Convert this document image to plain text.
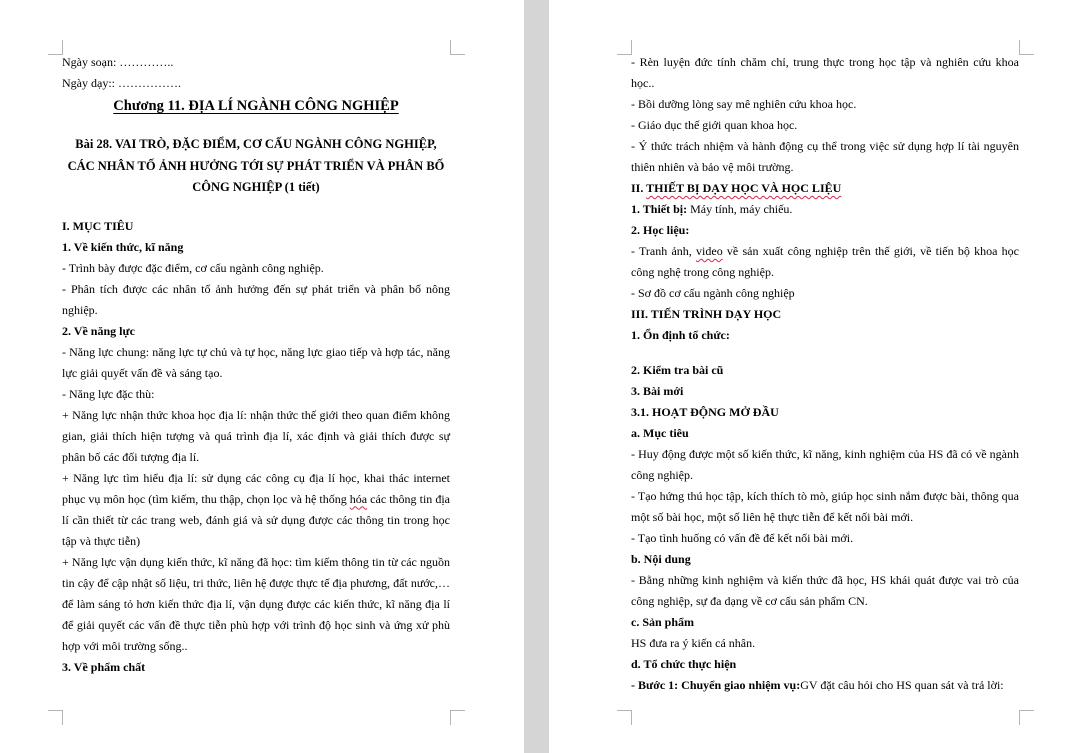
Ngày soạn: …………..

Ngày dạy:: …………….

Chương 11. ĐỊA LÍ NGÀNH CÔNG NGHIỆP

Bài 28. VAI TRÒ, ĐẶC ĐIỂM, CƠ CẤU NGÀNH CÔNG NGHIỆP, CÁC NHÂN TỐ ẢNH HƯỞNG TỚI SỰ PHÁT TRIỂN VÀ PHÂN BỐ CÔNG NGHIỆP (1 tiết)

I. MỤC TIÊU

1. Về kiến thức, kĩ năng

- Trình bày được đặc điểm, cơ cấu ngành công nghiệp.

- Phân tích được các nhân tố ảnh hưởng đến sự phát triển và phân bố nông nghiệp.

2. Về năng lực

- Năng lực chung: năng lực tự chủ và tự học, năng lực giao tiếp và hợp tác, năng lực giải quyết vấn đề và sáng tạo.

- Năng lực đặc thù:

+ Năng lực nhận thức khoa học địa lí: nhận thức thế giới theo quan điểm không gian, giải thích hiện tượng và quá trình địa lí, xác định và giải thích được sự phân bố các đối tượng địa lí.

+ Năng lực tìm hiểu địa lí: sử dụng các công cụ địa lí học, khai thác internet phục vụ môn học (tìm kiếm, thu thập, chọn lọc và hệ thống hóa các thông tin địa lí cần thiết từ các trang web, đánh giá và sử dụng được các thông tin trong học tập và thực tiễn)

+ Năng lực vận dụng kiến thức, kĩ năng đã học: tìm kiếm thông tin từ các nguồn tin cậy để cập nhật số liệu, tri thức, liên hệ được thực tế địa phương, đất nước,… để làm sáng tỏ hơn kiến thức địa lí, vận dụng được các kiến thức, kĩ năng địa lí để giải quyết các vấn đề thực tiễn phù hợp với trình độ học sinh và ứng xử phù hợp với môi trường sống..

3. Về phẩm chất

- Rèn luyện đức tính chăm chỉ, trung thực trong học tập và nghiên cứu khoa học..

- Bồi dưỡng lòng say mê nghiên cứu khoa học.

- Giáo dục thế giới quan khoa học.

- Ý thức trách nhiệm và hành động cụ thể trong việc sử dụng hợp lí tài nguyên thiên nhiên và bảo vệ môi trường.

II. THIẾT BỊ DẠY HỌC VÀ HỌC LIỆU

1. Thiết bị: Máy tính, máy chiếu.

2. Học liệu:

- Tranh ảnh, video về sản xuất công nghiệp trên thế giới, về tiến bộ khoa học công nghệ trong công nghiệp.

- Sơ đồ cơ cấu ngành công nghiệp

III. TIẾN TRÌNH DẠY HỌC

1. Ổn định tổ chức:

2. Kiểm tra bài cũ

3. Bài mới

3.1. HOẠT ĐỘNG MỞ ĐẦU

a. Mục tiêu

- Huy động được một số kiến thức, kĩ năng, kinh nghiệm của HS đã có về ngành công nghiệp.

- Tạo hứng thú học tập, kích thích tò mò, giúp học sinh nắm được bài, thông qua một số bài học, một số liên hệ thực tiễn để kết nối bài mới.

- Tạo tình huống có vấn đề để kết nối bài mới.

b. Nội dung

- Bằng những kinh nghiệm và kiến thức đã học, HS khái quát được vai trò của công nghiệp, sự đa dạng về cơ cấu sản phẩm CN.

c. Sản phẩm

HS đưa ra ý kiến cá nhân.

d. Tổ chức thực hiện

- Bước 1: Chuyển giao nhiệm vụ:GV đặt câu hỏi cho HS quan sát và trả lời:
